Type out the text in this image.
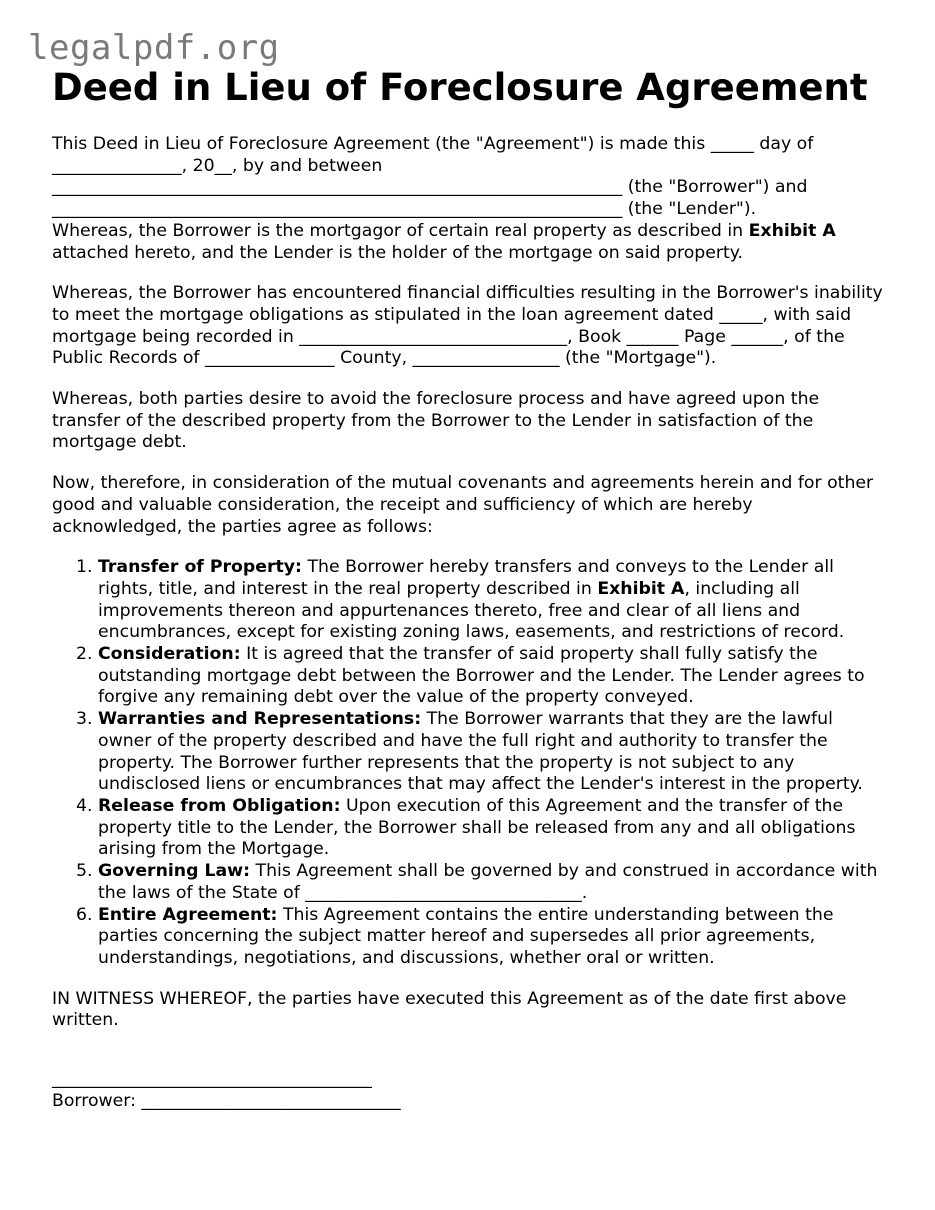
legalpdf.org
Deed in Lieu of Foreclosure Agreement

This Deed in Lieu of Foreclosure Agreement (the "Agreement") is made this _____ day of
_______________, 20__, by and between
__________________________________________________________________ (the "Borrower") and
__________________________________________________________________ (the "Lender").
Whereas, the Borrower is the mortgagor of certain real property as described in Exhibit A attached hereto, and the Lender is the holder of the mortgage on said property.

Whereas, the Borrower has encountered financial difficulties resulting in the Borrower's inability to meet the mortgage obligations as stipulated in the loan agreement dated _____, with said mortgage being recorded in _______________________________, Book ______ Page ______, of the Public Records of _______________ County, _________________ (the "Mortgage").

Whereas, both parties desire to avoid the foreclosure process and have agreed upon the transfer of the described property from the Borrower to the Lender in satisfaction of the mortgage debt.

Now, therefore, in consideration of the mutual covenants and agreements herein and for other good and valuable consideration, the receipt and sufficiency of which are hereby acknowledged, the parties agree as follows:

1. Transfer of Property: The Borrower hereby transfers and conveys to the Lender all rights, title, and interest in the real property described in Exhibit A, including all improvements thereon and appurtenances thereto, free and clear of all liens and encumbrances, except for existing zoning laws, easements, and restrictions of record.
2. Consideration: It is agreed that the transfer of said property shall fully satisfy the outstanding mortgage debt between the Borrower and the Lender. The Lender agrees to forgive any remaining debt over the value of the property conveyed.
3. Warranties and Representations: The Borrower warrants that they are the lawful owner of the property described and have the full right and authority to transfer the property. The Borrower further represents that the property is not subject to any undisclosed liens or encumbrances that may affect the Lender's interest in the property.
4. Release from Obligation: Upon execution of this Agreement and the transfer of the property title to the Lender, the Borrower shall be released from any and all obligations arising from the Mortgage.
5. Governing Law: This Agreement shall be governed by and construed in accordance with the laws of the State of ________________________________.
6. Entire Agreement: This Agreement contains the entire understanding between the parties concerning the subject matter hereof and supersedes all prior agreements, understandings, negotiations, and discussions, whether oral or written.

IN WITNESS WHEREOF, the parties have executed this Agreement as of the date first above written.

_____________________________________
Borrower: ______________________________
